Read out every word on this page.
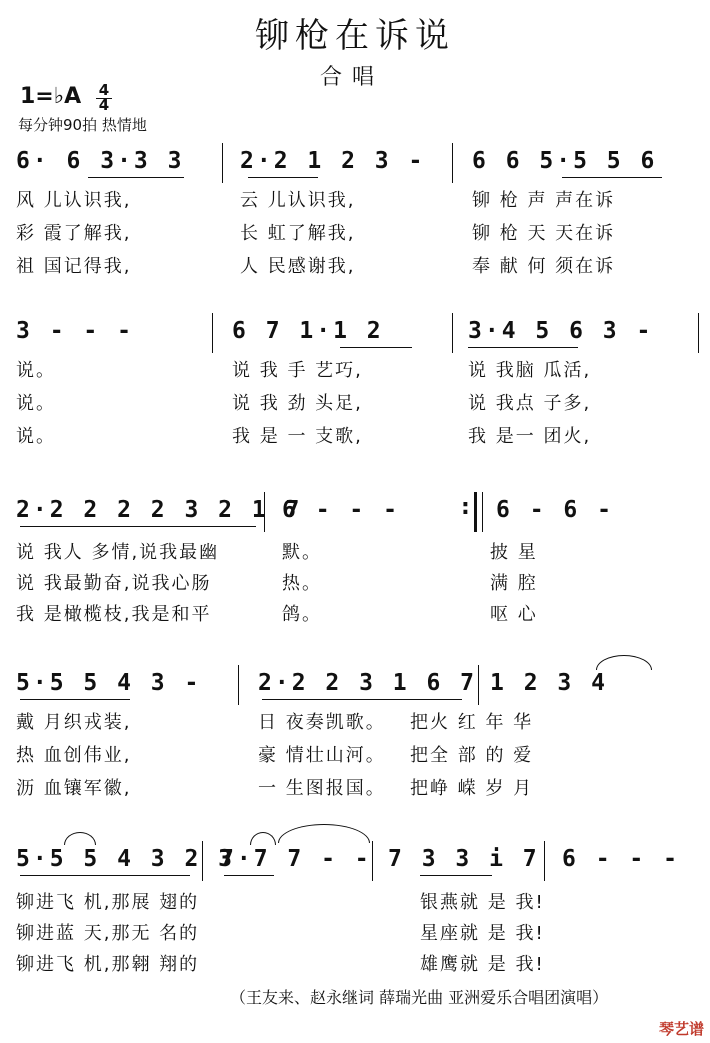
铆枪在诉说
合唱
1=♭A 4
4
每分钟90拍 热情地
6· 6 3·3 3 2·2 1 2 3 - 6 6 5·5 5 6
风 儿认识我,	云 儿认识我,	铆 枪 声 声在诉
彩 霞了解我,	长 虹了解我,	铆 枪 天 天在诉
祖 国记得我,	人 民感谢我,	奉 献 何 须在诉
3 - - -	6 7 1·1 2	3·4 5 6 3 -
说。	说 我 手 艺巧,	说 我脑 瓜活,
说。	说 我 劲 头足,	说 我点 子多,
说。	我 是 一 支歌,	我 是一 团火,
2·2 2 2 2 3 2 1 7
6 - - -	: 6 - 6 -
说 我人 多情,说我最幽	默。	披 星
说 我最勤奋,说我心肠	热。	满 腔
我 是橄榄枝,我是和平	鸽。	呕 心
5·5 5 4 3 - 2·2 2 3 1 6 7 1 2 3 4
戴 月织戎装,	日 夜奏凯歌。 把火 红 年 华
热 血创伟业,	豪 情壮山河。 把全 部 的 爱
沥 血镶军徽,	一 生图报国。 把峥 嵘 岁 月
5·5 5 4 3 2 3
7·7 7 - - 7 3 3 i 7 6 - - -
铆进飞 机,那展 翅的	银燕就 是 我!
铆进蓝 天,那无 名的	星座就 是 我!
铆进飞 机,那翱 翔的	雄鹰就 是 我!
（王友来、赵永继词 薛瑞光曲 亚洲爱乐合唱团演唱）
琴艺谱
